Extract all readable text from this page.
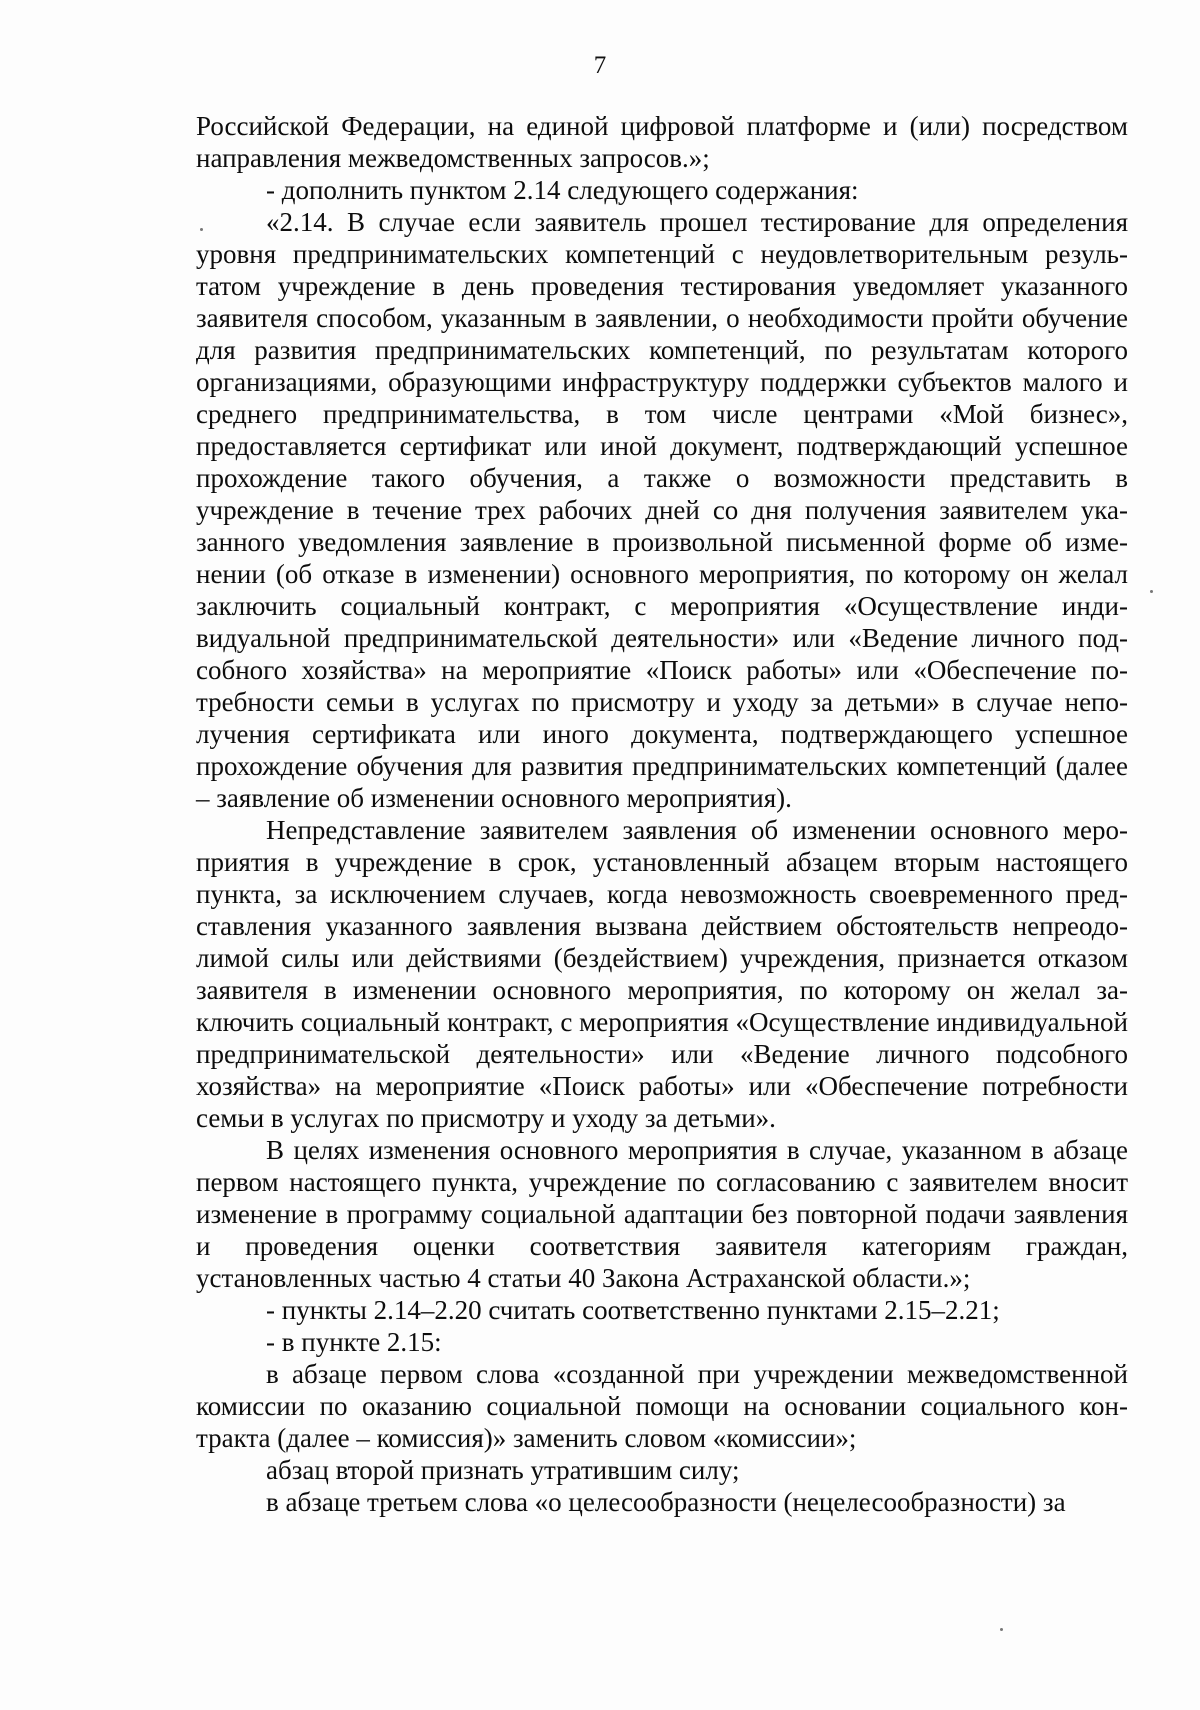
7

Российской Федерации, на единой цифровой платформе и (или) посредством направления межведомственных запросов.»;

- дополнить пунктом 2.14 следующего содержания:

«2.14. В случае если заявитель прошел тестирование для определения уровня предпринимательских компетенций с неудовлетворительным результатом учреждение в день проведения тестирования уведомляет указанного заявителя способом, указанным в заявлении, о необходимости пройти обучение для развития предпринимательских компетенций, по результатам которого организациями, образующими инфраструктуру поддержки субъектов малого и среднего предпринимательства, в том числе центрами «Мой бизнес», предоставляется сертификат или иной документ, подтверждающий успешное прохождение такого обучения, а также о возможности представить в учреждение в течение трех рабочих дней со дня получения заявителем указанного уведомления заявление в произвольной письменной форме об изменении (об отказе в изменении) основного мероприятия, по которому он желал заключить социальный контракт, с мероприятия «Осуществление индивидуальной предпринимательской деятельности» или «Ведение личного подсобного хозяйства» на мероприятие «Поиск работы» или «Обеспечение потребности семьи в услугах по присмотру и уходу за детьми» в случае неполучения сертификата или иного документа, подтверждающего успешное прохождение обучения для развития предпринимательских компетенций (далее – заявление об изменении основного мероприятия).

Непредставление заявителем заявления об изменении основного мероприятия в учреждение в срок, установленный абзацем вторым настоящего пункта, за исключением случаев, когда невозможность своевременного представления указанного заявления вызвана действием обстоятельств непреодолимой силы или действиями (бездействием) учреждения, признается отказом заявителя в изменении основного мероприятия, по которому он желал заключить социальный контракт, с мероприятия «Осуществление индивидуальной предпринимательской деятельности» или «Ведение личного подсобного хозяйства» на мероприятие «Поиск работы» или «Обеспечение потребности семьи в услугах по присмотру и уходу за детьми».

В целях изменения основного мероприятия в случае, указанном в абзаце первом настоящего пункта, учреждение по согласованию с заявителем вносит изменение в программу социальной адаптации без повторной подачи заявления и проведения оценки соответствия заявителя категориям граждан, установленных частью 4 статьи 40 Закона Астраханской области.»;

- пункты 2.14–2.20 считать соответственно пунктами 2.15–2.21;

- в пункте 2.15:

в абзаце первом слова «созданной при учреждении межведомственной комиссии по оказанию социальной помощи на основании социального контракта (далее – комиссия)» заменить словом «комиссии»;

абзац второй признать утратившим силу;

в абзаце третьем слова «о целесообразности (нецелесообразности) за
